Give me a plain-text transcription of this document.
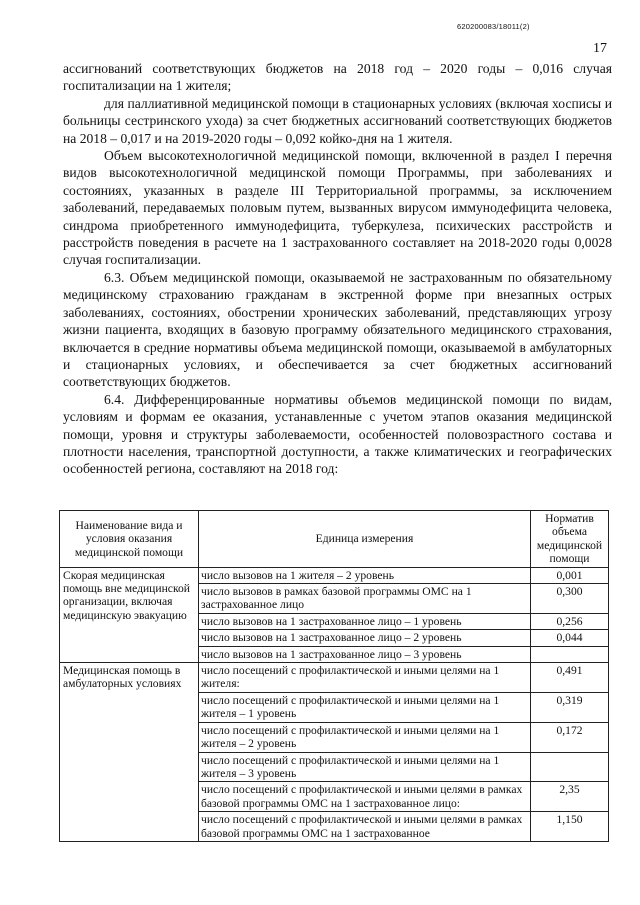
620200083/18011(2)
17

ассигнований соответствующих бюджетов на 2018 год – 2020 годы – 0,016 случая госпитализации на 1 жителя;

для паллиативной медицинской помощи в стационарных условиях (включая хосписы и больницы сестринского ухода) за счет бюджетных ассигнований соответствующих бюджетов на 2018 – 0,017 и на 2019-2020 годы – 0,092 койко-дня на 1 жителя.

Объем высокотехнологичной медицинской помощи, включенной в раздел I перечня видов высокотехнологичной медицинской помощи Программы, при заболеваниях и состояниях, указанных в разделе III Территориальной программы, за исключением заболеваний, передаваемых половым путем, вызванных вирусом иммунодефицита человека, синдрома приобретенного иммунодефицита, туберкулеза, психических расстройств и расстройств поведения в расчете на 1 застрахованного составляет на 2018-2020 годы 0,0028 случая госпитализации.

6.3. Объем медицинской помощи, оказываемой не застрахованным по обязательному медицинскому страхованию гражданам в экстренной форме при внезапных острых заболеваниях, состояниях, обострении хронических заболеваний, представляющих угрозу жизни пациента, входящих в базовую программу обязательного медицинского страхования, включается в средние нормативы объема медицинской помощи, оказываемой в амбулаторных и стационарных условиях, и обеспечивается за счет бюджетных ассигнований соответствующих бюджетов.

6.4. Дифференцированные нормативы объемов медицинской помощи по видам, условиям и формам ее оказания, устанавленные с учетом этапов оказания медицинской помощи, уровня и структуры заболеваемости, особенностей половозрастного состава и плотности населения, транспортной доступности, а также климатических и географических особенностей региона, составляют на 2018 год:

Наименование вида и условия оказания медицинской помощи	Единица измерения	Норматив объема медицинской помощи
Скорая медицинская помощь вне медицинской организации, включая медицинскую эвакуацию	число вызовов на 1 жителя – 2 уровень	0,001
	число вызовов в рамках базовой программы ОМС на 1 застрахованное лицо	0,300
	число вызовов на 1 застрахованное лицо – 1 уровень	0,256
	число вызовов на 1 застрахованное лицо – 2 уровень	0,044
	число вызовов на 1 застрахованное лицо – 3 уровень	
Медицинская помощь в амбулаторных условиях	число посещений с профилактической и иными целями на 1 жителя:	0,491
	число посещений с профилактической и иными целями на 1 жителя – 1 уровень	0,319
	число посещений с профилактической и иными целями на 1 жителя – 2 уровень	0,172
	число посещений с профилактической и иными целями на 1 жителя – 3 уровень	
	число посещений с профилактической и иными целями в рамках базовой программы ОМС на 1 застрахованное лицо:	2,35
	число посещений с профилактической и иными целями в рамках базовой программы ОМС на 1 застрахованное	1,150
